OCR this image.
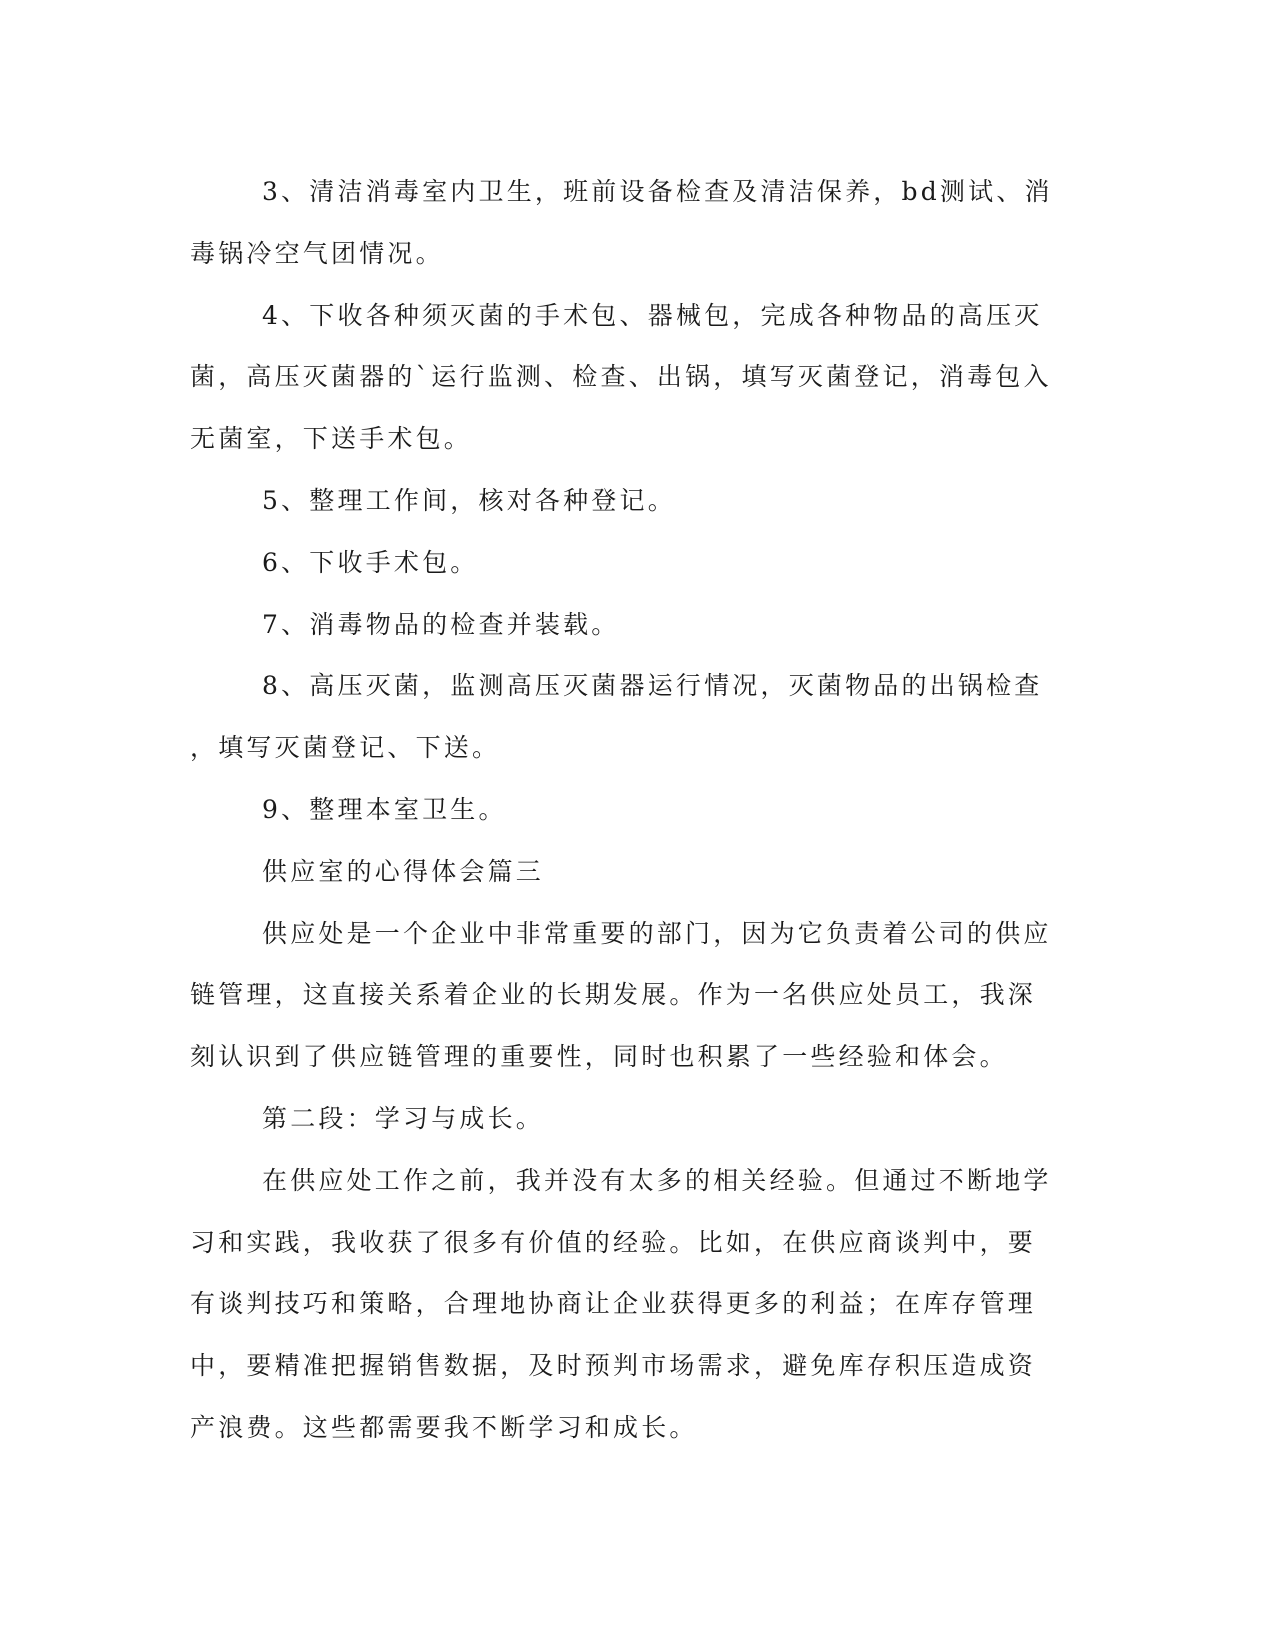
3、清洁消毒室内卫生，班前设备检查及清洁保养，bd测试、消
毒锅冷空气团情况。

4、下收各种须灭菌的手术包、器械包，完成各种物品的高压灭
菌，高压灭菌器的`运行监测、检查、出锅，填写灭菌登记，消毒包入
无菌室，下送手术包。

5、整理工作间，核对各种登记。

6、下收手术包。

7、消毒物品的检查并装载。

8、高压灭菌，监测高压灭菌器运行情况，灭菌物品的出锅检查
，填写灭菌登记、下送。

9、整理本室卫生。

供应室的心得体会篇三

供应处是一个企业中非常重要的部门，因为它负责着公司的供应
链管理，这直接关系着企业的长期发展。作为一名供应处员工，我深
刻认识到了供应链管理的重要性，同时也积累了一些经验和体会。

第二段：学习与成长。

在供应处工作之前，我并没有太多的相关经验。但通过不断地学
习和实践，我收获了很多有价值的经验。比如，在供应商谈判中，要
有谈判技巧和策略，合理地协商让企业获得更多的利益；在库存管理
中，要精准把握销售数据，及时预判市场需求，避免库存积压造成资
产浪费。这些都需要我不断学习和成长。
